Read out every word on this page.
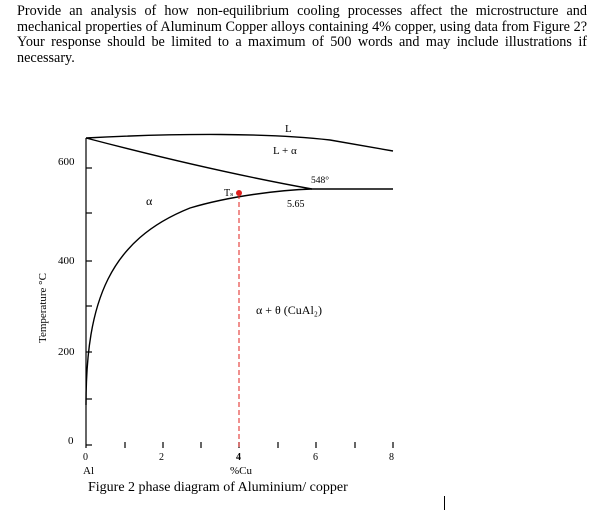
Provide an analysis of how non-equilibrium cooling processes affect the microstructure and mechanical properties of Aluminum Copper alloys containing 4% copper, using data from Figure 2? Your response should be limited to a maximum of 500 words and may include illustrations if necessary.
600
400
200
0
Temperature °C
0	2	4	6	8
Al	%Cu
L
L + α
α
α + θ (CuAl₂)
548°
5.65
Tₛ
Figure 2 phase diagram of Aluminium/ copper
